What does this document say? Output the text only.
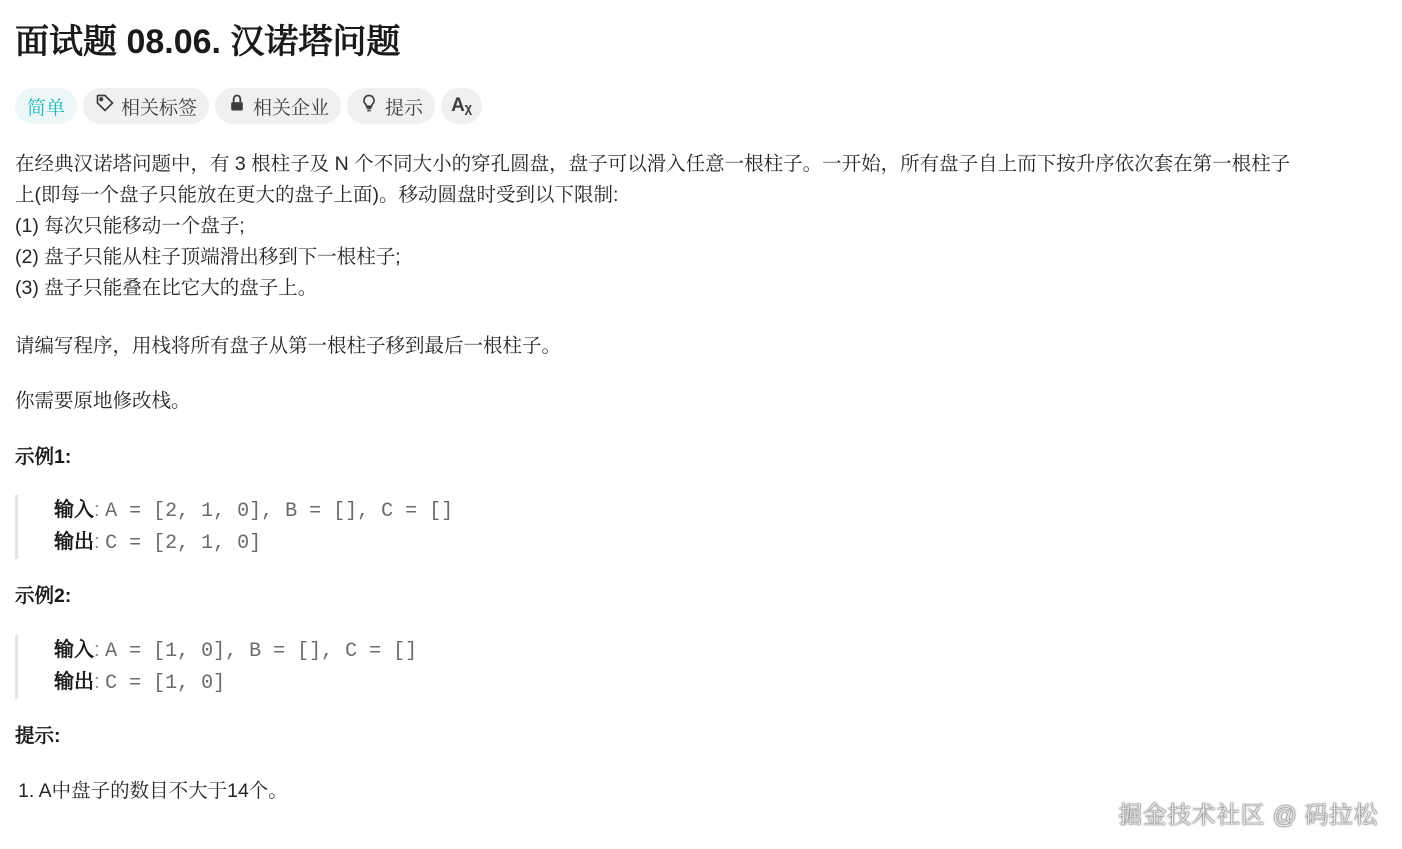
面试题 08.06. 汉诺塔问题
简单	相关标签	相关企业	提示 Aᵪ
在经典汉诺塔问题中，有 3 根柱子及 N 个不同大小的穿孔圆盘，盘子可以滑入任意一根柱子。一开始，所有盘子自上而下按升序依次套在第一根柱子
上(即每一个盘子只能放在更大的盘子上面)。移动圆盘时受到以下限制:
(1) 每次只能移动一个盘子;
(2) 盘子只能从柱子顶端滑出移到下一根柱子;
(3) 盘子只能叠在比它大的盘子上。
请编写程序，用栈将所有盘子从第一根柱子移到最后一根柱子。
你需要原地修改栈。
示例1:
输入: A = [2, 1, 0], B = [], C = []
输出: C = [2, 1, 0]
示例2:
输入: A = [1, 0], B = [], C = []
输出: C = [1, 0]
提示:
1. A中盘子的数目不大于14个。
掘金技术社区 @ 码拉松
